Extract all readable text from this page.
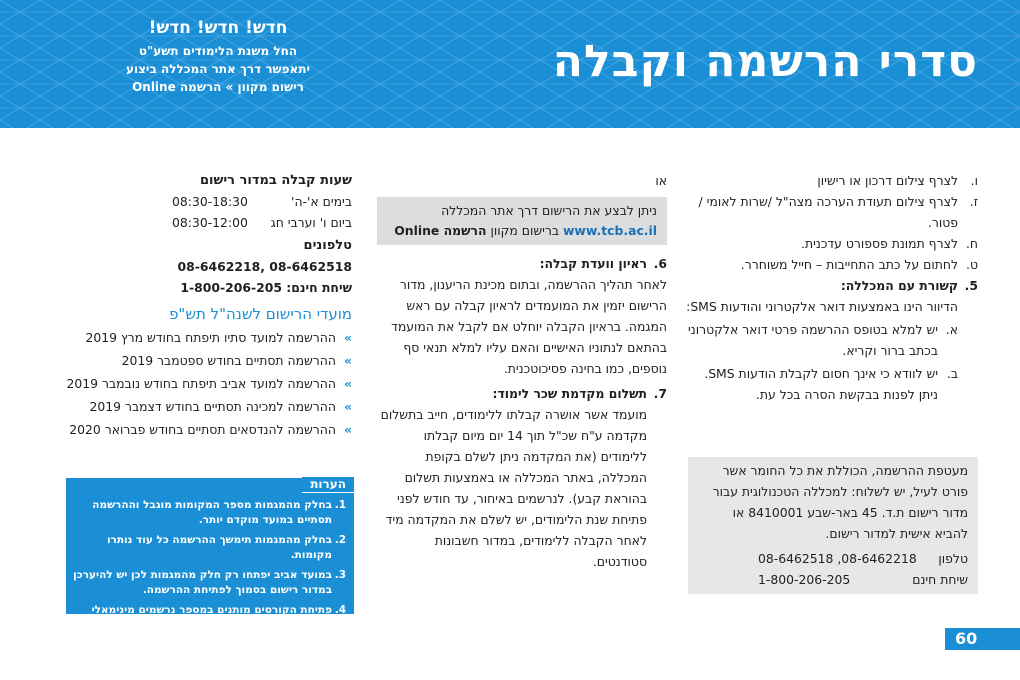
סדרי הרשמה וקבלה
חדש! חדש! חדש!
החל משנת הלימודים תשע"ט
יתאפשר דרך אתר המכללה ביצוע
רישום מקוון » הרשמה Online
ו.
לצרף צילום דרכון או רישיון
ז.
לצרף צילום תעודת הערכה מצה"ל /שרות לאומי / פטור.
ח.
לצרף תמונת פספורט עדכנית.
ט.
לחתום על כתב התחייבות – חייל משוחרר.
5.
קשורת עם המכללה:
הדיוור הינו באמצעות דואר אלקטרוני והודעות SMS:
א.
יש למלא בטופס ההרשמה פרטי דואר אלקטרוני בכתב ברור וקריא.
ב.
יש לוודא כי אינך חסום לקבלת הודעות SMS. ניתן לפנות בבקשת הסרה בכל עת.
מעטפת ההרשמה, הכוללת את כל החומר אשר פורט לעיל, יש לשלוח: למכללה הטכנולוגית עבור מדור רישום ת.ד. 45 באר-שבע 8410001 או להביא אישית למדור רישום.
טלפון
08-6462518 ,08-6462218
שיחת חינם
1-800-206-205
או
ניתן לבצע את הרישום דרך אתר המכללה
www.tcb.ac.il ברישום מקוון הרשמה Online
6.
ראיון וועדת קבלה:
לאחר תהליך ההרשמה, ובתום מכינת הריענון, מדור הרישום יזמין את המועמדים לראיון קבלה עם ראש המגמה. בראיון הקבלה יוחלט אם לקבל את המועמד בהתאם לנתוניו האישיים והאם עליו למלא תנאי סף נוספים, כמו בחינה פסיכוטכנית.
7.
תשלום מקדמת שכר לימוד:
מועמד אשר אושרה קבלתו ללימודים, חייב בתשלום מקדמה ע"ח שכ"ל תוך 14 יום מיום קבלתו ללימודים (את המקדמה ניתן לשלם בקופת המכללה, באתר המכללה או באמצעות תשלום בהוראת קבע). לנרשמים באיחור, עד חודש לפני פתיחת שנת הלימודים, יש לשלם את המקדמה מיד לאחר הקבלה ללימודים, במדור חשבונות סטודנטים.
שעות קבלה במדור רישום
בימים א'-ה'
08:30-18:30
ביום ו' וערבי חג
08:30-12:00
טלפונים
08-6462518 ,08-6462218
שיחת חינם: 1-800-206-205
מועדי הרישום לשנה"ל תש"פ
»
ההרשמה למועד סתיו תיפתח בחודש מרץ 2019
»
ההרשמה תסתיים בחודש ספטמבר 2019
»
ההרשמה למועד אביב תיפתח בחודש נובמבר 2019
»
ההרשמה למכינה תסתיים בחודש דצמבר 2019
»
ההרשמה להנדסאים תסתיים בחודש פברואר 2020
הערות
1.
בחלק מהמגמות מספר המקומות מוגבל וההרשמה תסתיים במועד מוקדם יותר.
2.
בחלק מהמגמות תימשך ההרשמה כל עוד נותרו מקומות.
3.
במועד אביב יפתחו רק חלק מהמגמות לכן יש להיערכן במדור רישום בסמוך לפתיחת ההרשמה.
4.
פתיחת הקורסים מותנים במספר נרשמים מינימאלי ע"פ נהלי מה"ט.
60
